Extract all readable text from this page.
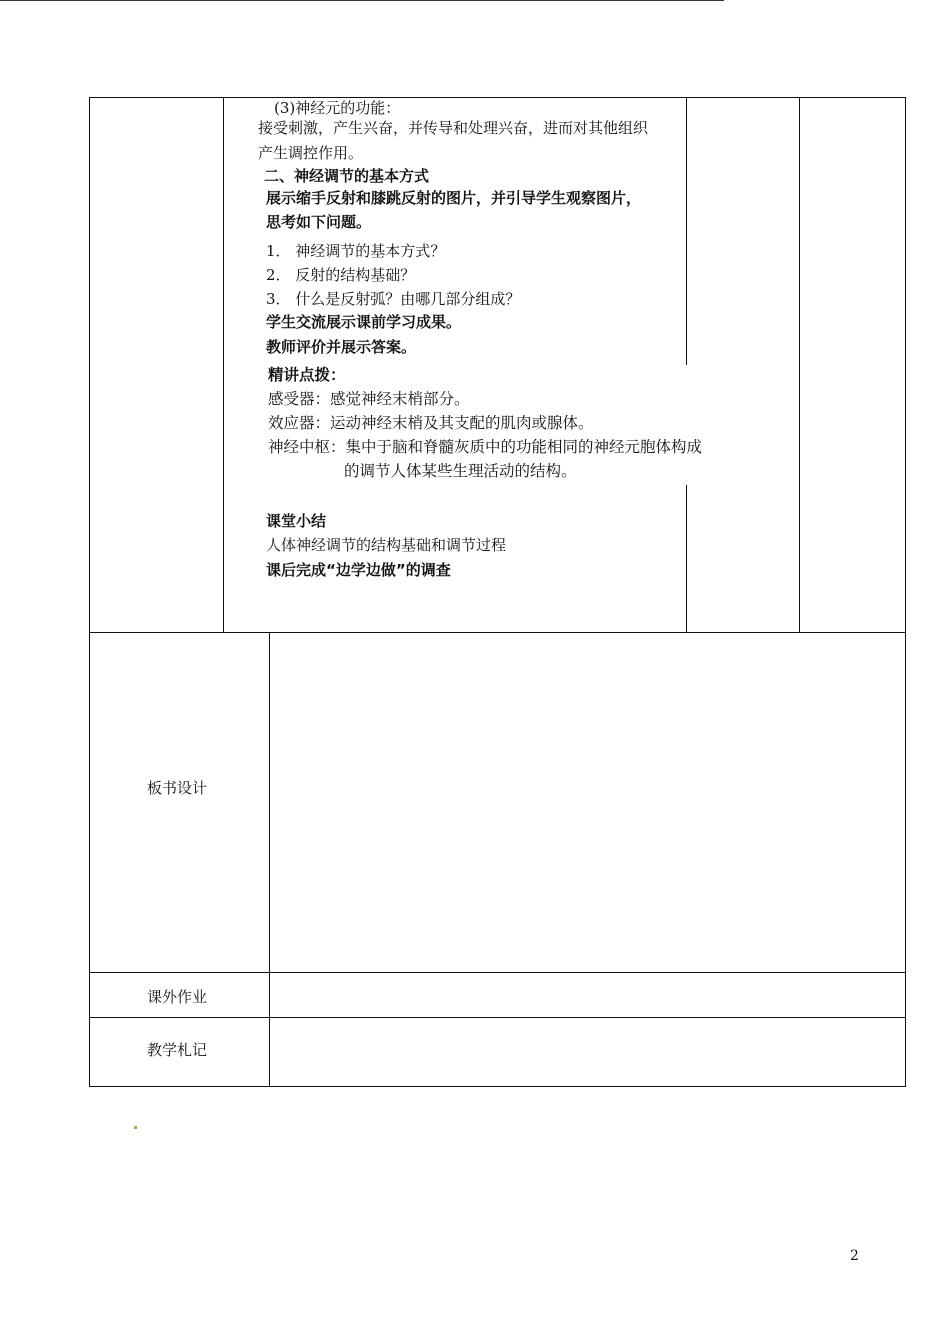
(3)神经元的功能：
接受刺激，产生兴奋，并传导和处理兴奋，进而对其他组织
产生调控作用。
二、神经调节的基本方式
展示缩手反射和膝跳反射的图片，并引导学生观察图片，
思考如下问题。
1． 神经调节的基本方式？
2． 反射的结构基础？
3． 什么是反射弧？由哪几部分组成？
学生交流展示课前学习成果。
教师评价并展示答案。
精讲点拨：
感受器：感觉神经末梢部分。
效应器：运动神经末梢及其支配的肌肉或腺体。
神经中枢：集中于脑和脊髓灰质中的功能相同的神经元胞体构成
的调节人体某些生理活动的结构。
课堂小结
人体神经调节的结构基础和调节过程
课后完成“边学边做”的调查
板书设计
课外作业
教学札记
2
